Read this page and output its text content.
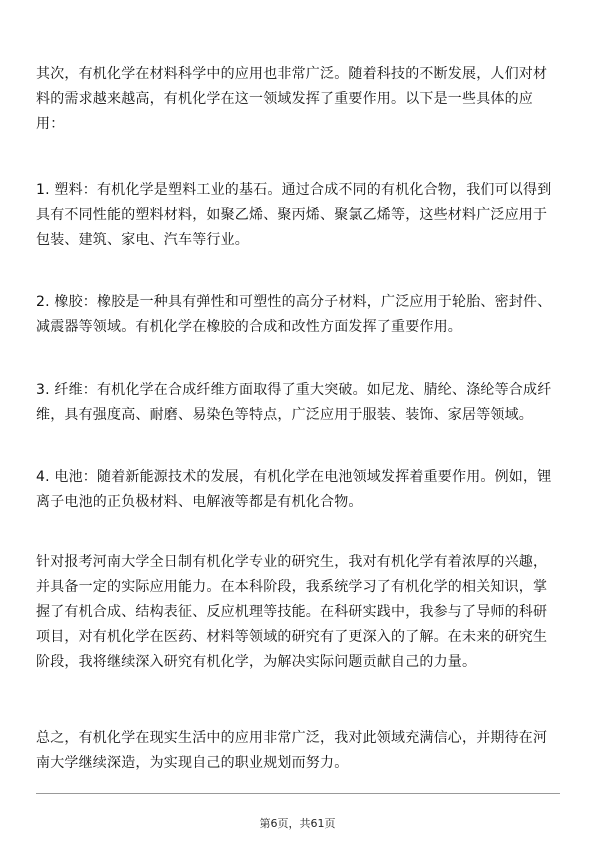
其次，有机化学在材料科学中的应用也非常广泛。随着科技的不断发展，人们对材
料的需求越来越高，有机化学在这一领域发挥了重要作用。以下是一些具体的应
用：

1. 塑料：有机化学是塑料工业的基石。通过合成不同的有机化合物，我们可以得到
具有不同性能的塑料材料，如聚乙烯、聚丙烯、聚氯乙烯等，这些材料广泛应用于
包装、建筑、家电、汽车等行业。

2. 橡胶：橡胶是一种具有弹性和可塑性的高分子材料，广泛应用于轮胎、密封件、
减震器等领域。有机化学在橡胶的合成和改性方面发挥了重要作用。

3. 纤维：有机化学在合成纤维方面取得了重大突破。如尼龙、腈纶、涤纶等合成纤
维，具有强度高、耐磨、易染色等特点，广泛应用于服装、装饰、家居等领域。

4. 电池：随着新能源技术的发展，有机化学在电池领域发挥着重要作用。例如，锂
离子电池的正负极材料、电解液等都是有机化合物。

针对报考河南大学全日制有机化学专业的研究生，我对有机化学有着浓厚的兴趣，
并具备一定的实际应用能力。在本科阶段，我系统学习了有机化学的相关知识，掌
握了有机合成、结构表征、反应机理等技能。在科研实践中，我参与了导师的科研
项目，对有机化学在医药、材料等领域的研究有了更深入的了解。在未来的研究生
阶段，我将继续深入研究有机化学，为解决实际问题贡献自己的力量。

总之，有机化学在现实生活中的应用非常广泛，我对此领域充满信心，并期待在河
南大学继续深造，为实现自己的职业规划而努力。

第6页，共61页
